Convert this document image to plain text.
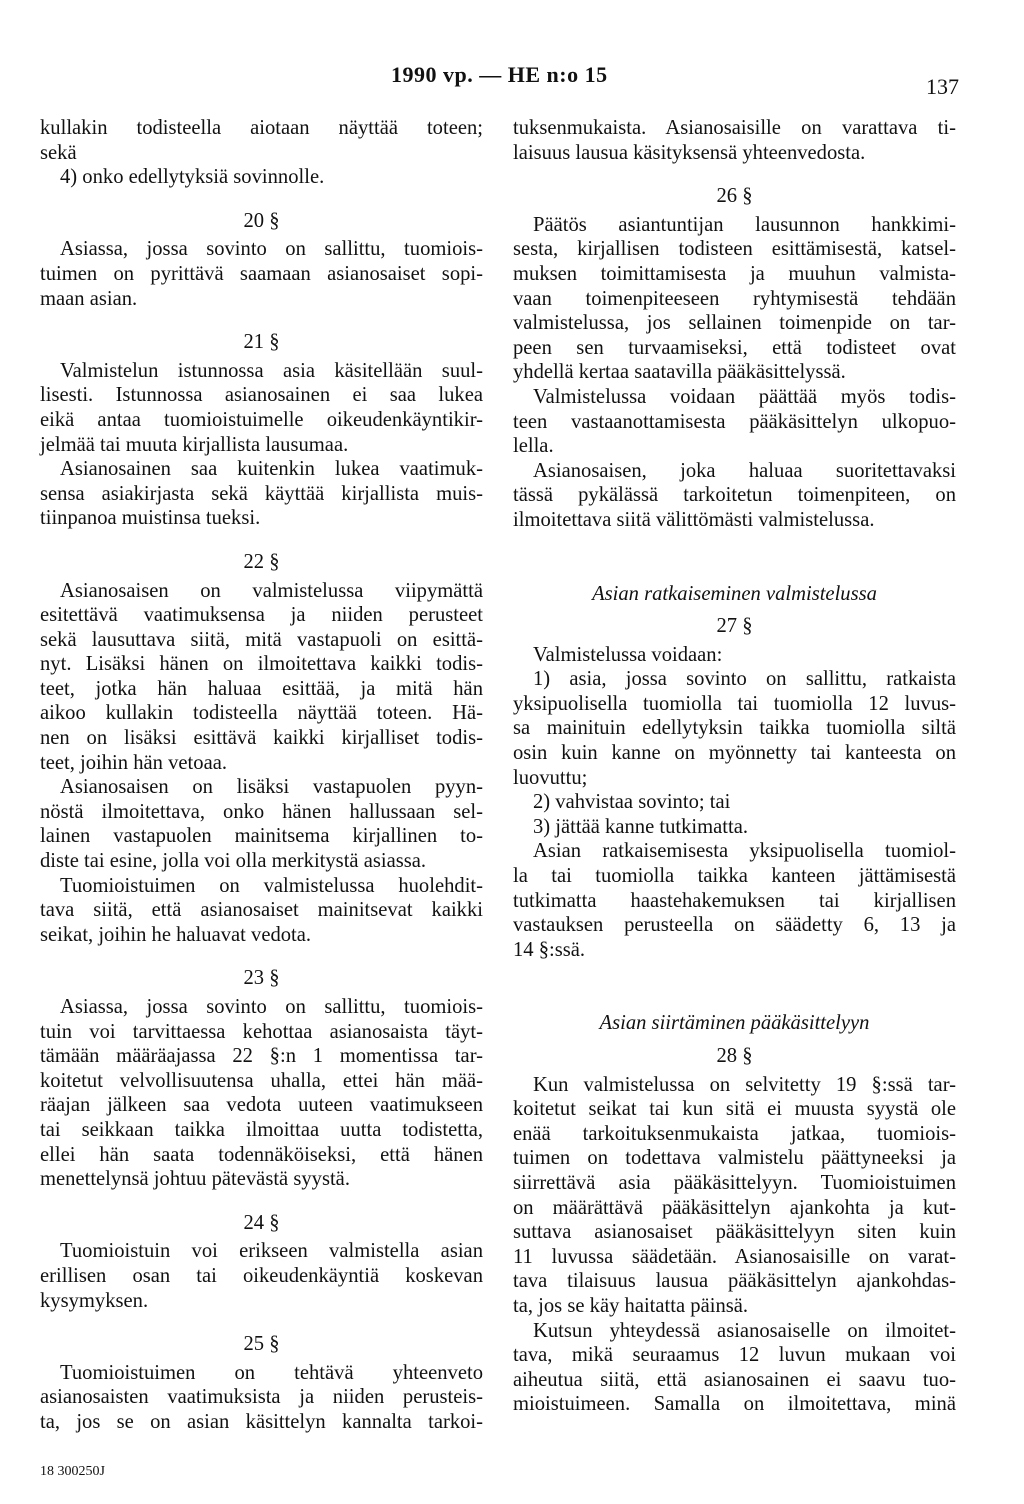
1990 vp. — HE n:o 15	137
kullakin todisteella aiotaan näyttää toteen;
sekä
4) onko edellytyksiä sovinnolle.
20 §
Asiassa, jossa sovinto on sallittu, tuomiois-
tuimen on pyrittävä saamaan asianosaiset sopi-
maan asian.
21 §
Valmistelun istunnossa asia käsitellään suul-
lisesti. Istunnossa asianosainen ei saa lukea
eikä antaa tuomioistuimelle oikeudenkäyntikir-
jelmää tai muuta kirjallista lausumaa.
Asianosainen saa kuitenkin lukea vaatimuk-
sensa asiakirjasta sekä käyttää kirjallista muis-
tiinpanoa muistinsa tueksi.
22 §
Asianosaisen on valmistelussa viipymättä
esitettävä vaatimuksensa ja niiden perusteet
sekä lausuttava siitä, mitä vastapuoli on esittä-
nyt. Lisäksi hänen on ilmoitettava kaikki todis-
teet, jotka hän haluaa esittää, ja mitä hän
aikoo kullakin todisteella näyttää toteen. Hä-
nen on lisäksi esittävä kaikki kirjalliset todis-
teet, joihin hän vetoaa.
Asianosaisen on lisäksi vastapuolen pyyn-
nöstä ilmoitettava, onko hänen hallussaan sel-
lainen vastapuolen mainitsema kirjallinen to-
diste tai esine, jolla voi olla merkitystä asiassa.
Tuomioistuimen on valmistelussa huolehdit-
tava siitä, että asianosaiset mainitsevat kaikki
seikat, joihin he haluavat vedota.
23 §
Asiassa, jossa sovinto on sallittu, tuomiois-
tuin voi tarvittaessa kehottaa asianosaista täyt-
tämään määräajassa 22 §:n 1 momentissa tar-
koitetut velvollisuutensa uhalla, ettei hän mää-
räajan jälkeen saa vedota uuteen vaatimukseen
tai seikkaan taikka ilmoittaa uutta todistetta,
ellei hän saata todennäköiseksi, että hänen
menettelynsä johtuu pätevästä syystä.
24 §
Tuomioistuin voi erikseen valmistella asian
erillisen osan tai oikeudenkäyntiä koskevan
kysymyksen.
25 §
Tuomioistuimen on tehtävä yhteenveto
asianosaisten vaatimuksista ja niiden perusteis-
ta, jos se on asian käsittelyn kannalta tarkoi-
tuksenmukaista. Asianosaisille on varattava ti-
laisuus lausua käsityksensä yhteenvedosta.
26 §
Päätös asiantuntijan lausunnon hankkimi-
sesta, kirjallisen todisteen esittämisestä, katsel-
muksen toimittamisesta ja muuhun valmista-
vaan toimenpiteeseen ryhtymisestä tehdään
valmistelussa, jos sellainen toimenpide on tar-
peen sen turvaamiseksi, että todisteet ovat
yhdellä kertaa saatavilla pääkäsittelyssä.
Valmistelussa voidaan päättää myös todis-
teen vastaanottamisesta pääkäsittelyn ulkopuo-
lella.
Asianosaisen, joka haluaa suoritettavaksi
tässä pykälässä tarkoitetun toimenpiteen, on
ilmoitettava siitä välittömästi valmistelussa.
Asian ratkaiseminen valmistelussa
27 §
Valmistelussa voidaan:
1) asia, jossa sovinto on sallittu, ratkaista
yksipuolisella tuomiolla tai tuomiolla 12 luvus-
sa mainituin edellytyksin taikka tuomiolla siltä
osin kuin kanne on myönnetty tai kanteesta on
luovuttu;
2) vahvistaa sovinto; tai
3) jättää kanne tutkimatta.
Asian ratkaisemisesta yksipuolisella tuomiol-
la tai tuomiolla taikka kanteen jättämisestä
tutkimatta haastehakemuksen tai kirjallisen
vastauksen perusteella on säädetty 6, 13 ja
14 §:ssä.
Asian siirtäminen pääkäsittelyyn
28 §
Kun valmistelussa on selvitetty 19 §:ssä tar-
koitetut seikat tai kun sitä ei muusta syystä ole
enää tarkoituksenmukaista jatkaa, tuomiois-
tuimen on todettava valmistelu päättyneeksi ja
siirrettävä asia pääkäsittelyyn. Tuomioistuimen
on määrättävä pääkäsittelyn ajankohta ja kut-
suttava asianosaiset pääkäsittelyyn siten kuin
11 luvussa säädetään. Asianosaisille on varat-
tava tilaisuus lausua pääkäsittelyn ajankohdas-
ta, jos se käy haitatta päinsä.
Kutsun yhteydessä asianosaiselle on ilmoitet-
tava, mikä seuraamus 12 luvun mukaan voi
aiheutua siitä, että asianosainen ei saavu tuo-
mioistuimeen. Samalla on ilmoitettava, minä
18 300250J
